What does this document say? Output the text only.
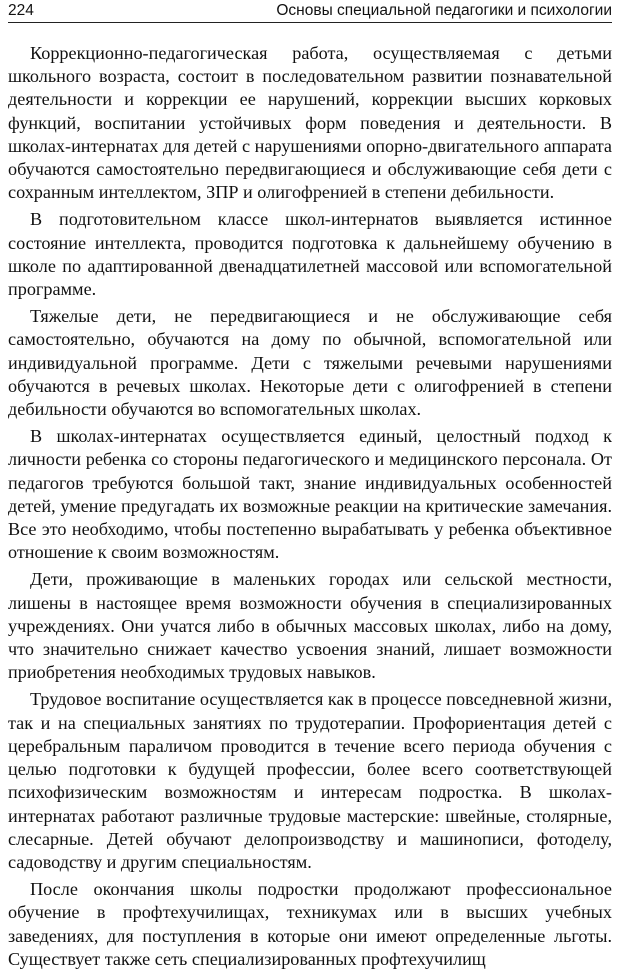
224	Основы специальной педагогики и психологии

Коррекционно-педагогическая работа, осуществляемая с детьми школьного возраста, состоит в последовательном развитии познавательной деятельности и коррекции ее нарушений, коррекции высших корковых функций, воспитании устойчивых форм поведения и деятельности. В школах-интернатах для детей с нарушениями опорно-двигательного аппарата обучаются самостоятельно передвигающиеся и обслуживающие себя дети с сохранным интеллектом, ЗПР и олигофренией в степени дебильности.

В подготовительном классе школ-интернатов выявляется истинное состояние интеллекта, проводится подготовка к дальнейшему обучению в школе по адаптированной двенадцатилетней массовой или вспомогательной программе.

Тяжелые дети, не передвигающиеся и не обслуживающие себя самостоятельно, обучаются на дому по обычной, вспомогательной или индивидуальной программе. Дети с тяжелыми речевыми нарушениями обучаются в речевых школах. Некоторые дети с олигофренией в степени дебильности обучаются во вспомогательных школах.

В школах-интернатах осуществляется единый, целостный подход к личности ребенка со стороны педагогического и медицинского персонала. От педагогов требуются большой такт, знание индивидуальных особенностей детей, умение предугадать их возможные реакции на критические замечания. Все это необходимо, чтобы постепенно вырабатывать у ребенка объективное отношение к своим возможностям.

Дети, проживающие в маленьких городах или сельской местности, лишены в настоящее время возможности обучения в специализированных учреждениях. Они учатся либо в обычных массовых школах, либо на дому, что значительно снижает качество усвоения знаний, лишает возможности приобретения необходимых трудовых навыков.

Трудовое воспитание осуществляется как в процессе повседневной жизни, так и на специальных занятиях по трудотерапии. Профориентация детей с церебральным параличом проводится в течение всего периода обучения с целью подготовки к будущей профессии, более всего соответствующей психофизическим возможностям и интересам подростка. В школах-интернатах работают различные трудовые мастерские: швейные, столярные, слесарные. Детей обучают делопроизводству и машинописи, фотоделу, садоводству и другим специальностям.

После окончания школы подростки продолжают профессиональное обучение в профтехучилищах, техникумах или в высших учебных заведениях, для поступления в которые они имеют определенные льготы. Существует также сеть специализированных профтехучилищ
